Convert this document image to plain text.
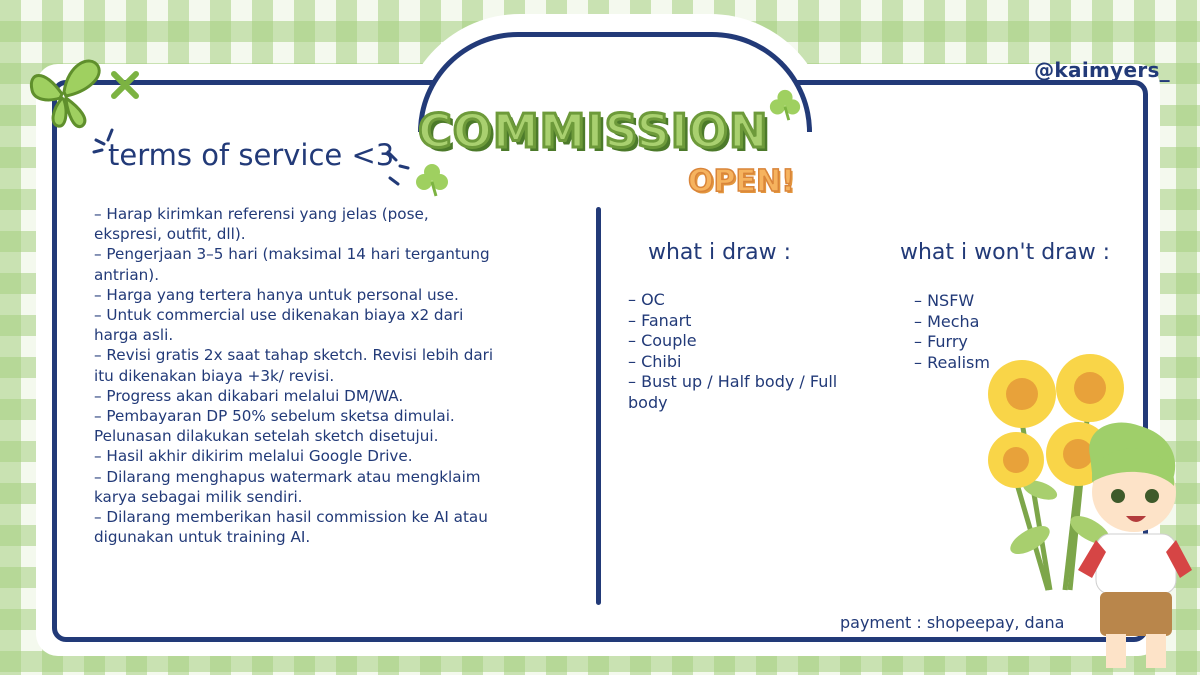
@kaimyers_

COMMISSION

OPEN!

terms of service <3
– Harap kirimkan referensi yang jelas (pose, ekspresi, outfit, dll).
– Pengerjaan 3–5 hari (maksimal 14 hari tergantung antrian).
– Harga yang tertera hanya untuk personal use.
– Untuk commercial use dikenakan biaya x2 dari harga asli.
– Revisi gratis 2x saat tahap sketch. Revisi lebih dari itu dikenakan biaya +3k/ revisi.
– Progress akan dikabari melalui DM/WA.
– Pembayaran DP 50% sebelum sketsa dimulai. Pelunasan dilakukan setelah sketch disetujui.
– Hasil akhir dikirim melalui Google Drive.
– Dilarang menghapus watermark atau mengklaim karya sebagai milik sendiri.
– Dilarang memberikan hasil commission ke AI atau digunakan untuk training AI.
what i draw :
– OC
– Fanart
– Couple
– Chibi
– Bust up / Half body / Full body
what i won't draw :
– NSFW
– Mecha
– Furry
– Realism

payment : shopeepay, dana
